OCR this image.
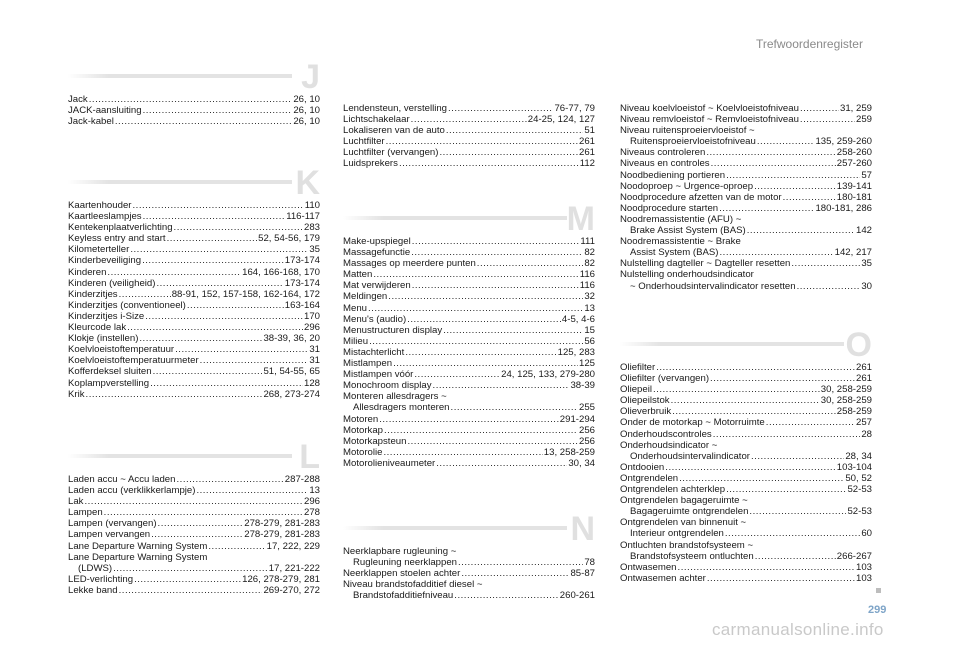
Trefwoordenregister
J
Jack .....	26, 10
JACK-aansluiting .....	26, 10
Jack-kabel .....	26, 10
K
Kaartenhouder .....	110
Kaartleeslampjes .....	116-117
Kentekenplaatverlichting .....	283
Keyless entry and start .....	52, 54-56, 179
Kilometerteller .....	35
Kinderbeveiliging .....	173-174
Kinderen .....	164, 166-168, 170
Kinderen (veiligheid) .....	173-174
Kinderzitjes .....	88-91, 152, 157-158, 162-164, 172
Kinderzitjes (conventioneel) .....	163-164
Kinderzitjes i-Size .....	170
Kleurcode lak .....	296
Klokje (instellen) .....	38-39, 36, 20
Koelvloeistoftemperatuur .....	31
Koelvloeistoftemperatuurmeter .....	31
Kofferdeksel sluiten .....	51, 54-55, 65
Koplampverstelling .....	128
Krik .....	268, 273-274
L
Laden accu ~ Accu laden .....	287-288
Laden accu (verklikkerlampje) .....	13
Lak .....	296
Lampen .....	278
Lampen (vervangen) .....	278-279, 281-283
Lampen vervangen .....	278-279, 281-283
Lane Departure Warning System .....	17, 222, 229
Lane Departure Warning System
(LDWS) .....	17, 221-222
LED-verlichting .....	126, 278-279, 281
Lekke band .....	269-270, 272
Lendensteun, verstelling .....	76-77, 79
Lichtschakelaar .....	24-25, 124, 127
Lokaliseren van de auto .....	51
Luchtfilter .....	261
Luchtfilter (vervangen) .....	261
Luidsprekers .....	112
M
Make-upspiegel .....	111
Massagefunctie .....	82
Massages op meerdere punten .....	82
Matten .....	116
Mat verwijderen .....	116
Meldingen .....	32
Menu .....	13
Menu's (audio) .....	4-5, 4-6
Menustructuren display .....	15
Milieu .....	56
Mistachterlicht .....	125, 283
Mistlampen .....	125
Mistlampen vóór .....	24, 125, 133, 279-280
Monochroom display .....	38-39
Monteren allesdragers ~
Allesdragers monteren .....	255
Motoren .....	291-294
Motorkap .....	256
Motorkapsteun .....	256
Motorolie .....	13, 258-259
Motorolieniveaumeter .....	30, 34
N
Neerklapbare rugleuning ~
Rugleuning neerklappen .....	78
Neerklappen stoelen achter .....	85-87
Niveau brandstofadditief diesel ~
Brandstofadditiefniveau .....	260-261
Niveau koelvloeistof ~ Koelvloeistofniveau .....	31, 259
Niveau remvloeistof ~ Remvloeistofniveau .....	259
Niveau ruitensproeiervloeistof ~
Ruitensproeiervloeistofniveau .....	135, 259-260
Niveaus controleren .....	258-260
Niveaus en controles .....	257-260
Noodbediening portieren .....	57
Noodoproep ~ Urgence-oproep .....	139-141
Noodprocedure afzetten van de motor .....	180-181
Noodprocedure starten .....	180-181, 286
Noodremassistentie (AFU) ~
Brake Assist System (BAS) .....	142
Noodremassistentie ~ Brake
Assist System (BAS) .....	142, 217
Nulstelling dagteller ~ Dagteller resetten .....	35
Nulstelling onderhoudsindicator
~ Onderhoudsintervalindicator resetten .....	30
O
Oliefilter .....	261
Oliefilter (vervangen) .....	261
Oliepeil .....	30, 258-259
Oliepeilstok .....	30, 258-259
Olieverbruik .....	258-259
Onder de motorkap ~ Motorruimte .....	257
Onderhoudscontroles .....	28
Onderhoudsindicator ~
Onderhoudsintervalindicator .....	28, 34
Ontdooien .....	103-104
Ontgrendelen .....	50, 52
Ontgrendelen achterklep .....	52-53
Ontgrendelen bagageruimte ~
Bagageruimte ontgrendelen .....	52-53
Ontgrendelen van binnenuit ~
Interieur ontgrendelen .....	60
Ontluchten brandstofsysteem ~
Brandstofsysteem ontluchten .....	266-267
Ontwasemen .....	103
Ontwasemen achter .....	103
299
carmanualsonline.info
